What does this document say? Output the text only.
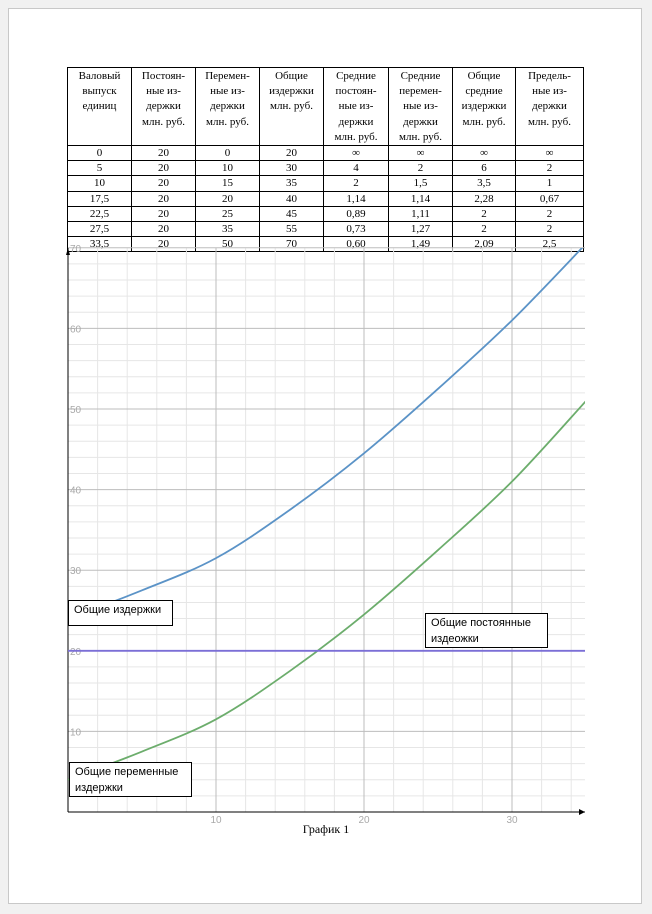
Валовый
выпуск
единиц	Постоян-
ные из-
держки
млн. руб.	Перемен-
ные из-
держки
млн. руб.	Общие
издержки
млн. руб.	Средние
постоян-
ные из-
держки
млн. руб.	Средние
перемен-
ные из-
держки
млн. руб.	Общие
средние
издержки
млн. руб.	Предель-
ные из-
держки
млн. руб.
0	20	0	20	∞	∞	∞	∞
5	20	10	30	4	2	6	2
10	20	15	35	2	1,5	3,5	1
17,5	20	20	40	1,14	1,14	2,28	0,67
22,5	20	25	45	0,89	1,11	2	2
27,5	20	35	55	0,73	1,27	2	2
33,5	20	50	70	0,60	1,49	2,09	2,5
10	20	30
10
20
30
40
50
60
70
Общие издержки
Общие постоянные издеожки
Общие переменные издержки
График 1
